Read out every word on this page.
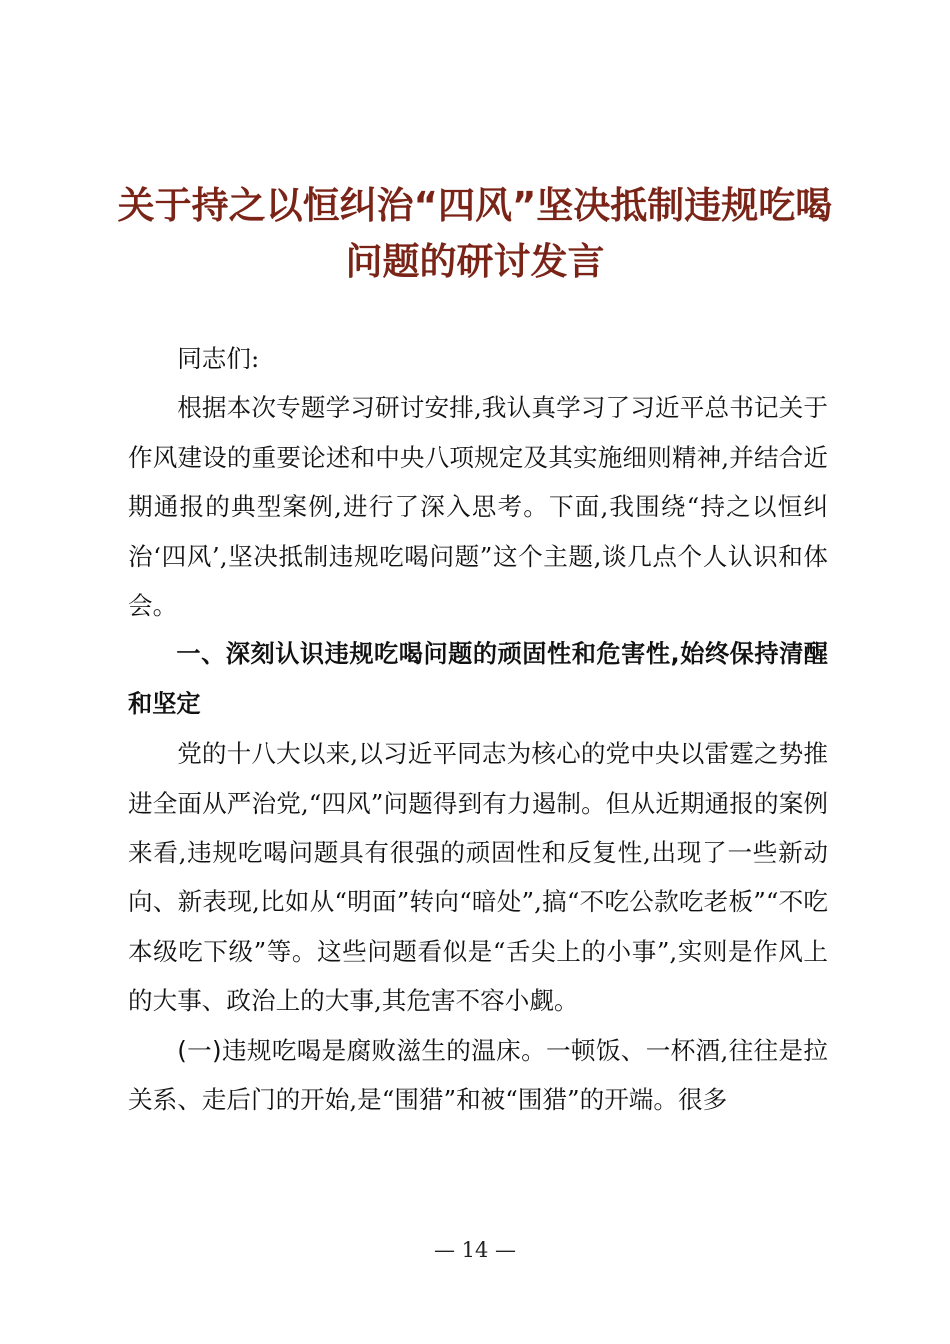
关于持之以恒纠治“四风”坚决抵制违规吃喝
问题的研讨发言

同志们:

根据本次专题学习研讨安排,我认真学习了习近平总书记关于作风建设的重要论述和中央八项规定及其实施细则精神,并结合近期通报的典型案例,进行了深入思考。下面,我围绕“持之以恒纠治‘四风’,坚决抵制违规吃喝问题”这个主题,谈几点个人认识和体会。

一、深刻认识违规吃喝问题的顽固性和危害性,始终保持清醒和坚定

党的十八大以来,以习近平同志为核心的党中央以雷霆之势推进全面从严治党,“四风”问题得到有力遏制。但从近期通报的案例来看,违规吃喝问题具有很强的顽固性和反复性,出现了一些新动向、新表现,比如从“明面”转向“暗处”,搞“不吃公款吃老板”“不吃本级吃下级”等。这些问题看似是“舌尖上的小事”,实则是作风上的大事、政治上的大事,其危害不容小觑。

(一)违规吃喝是腐败滋生的温床。一顿饭、一杯酒,往往是拉关系、走后门的开始,是“围猎”和被“围猎”的开端。很多

— 14 —
